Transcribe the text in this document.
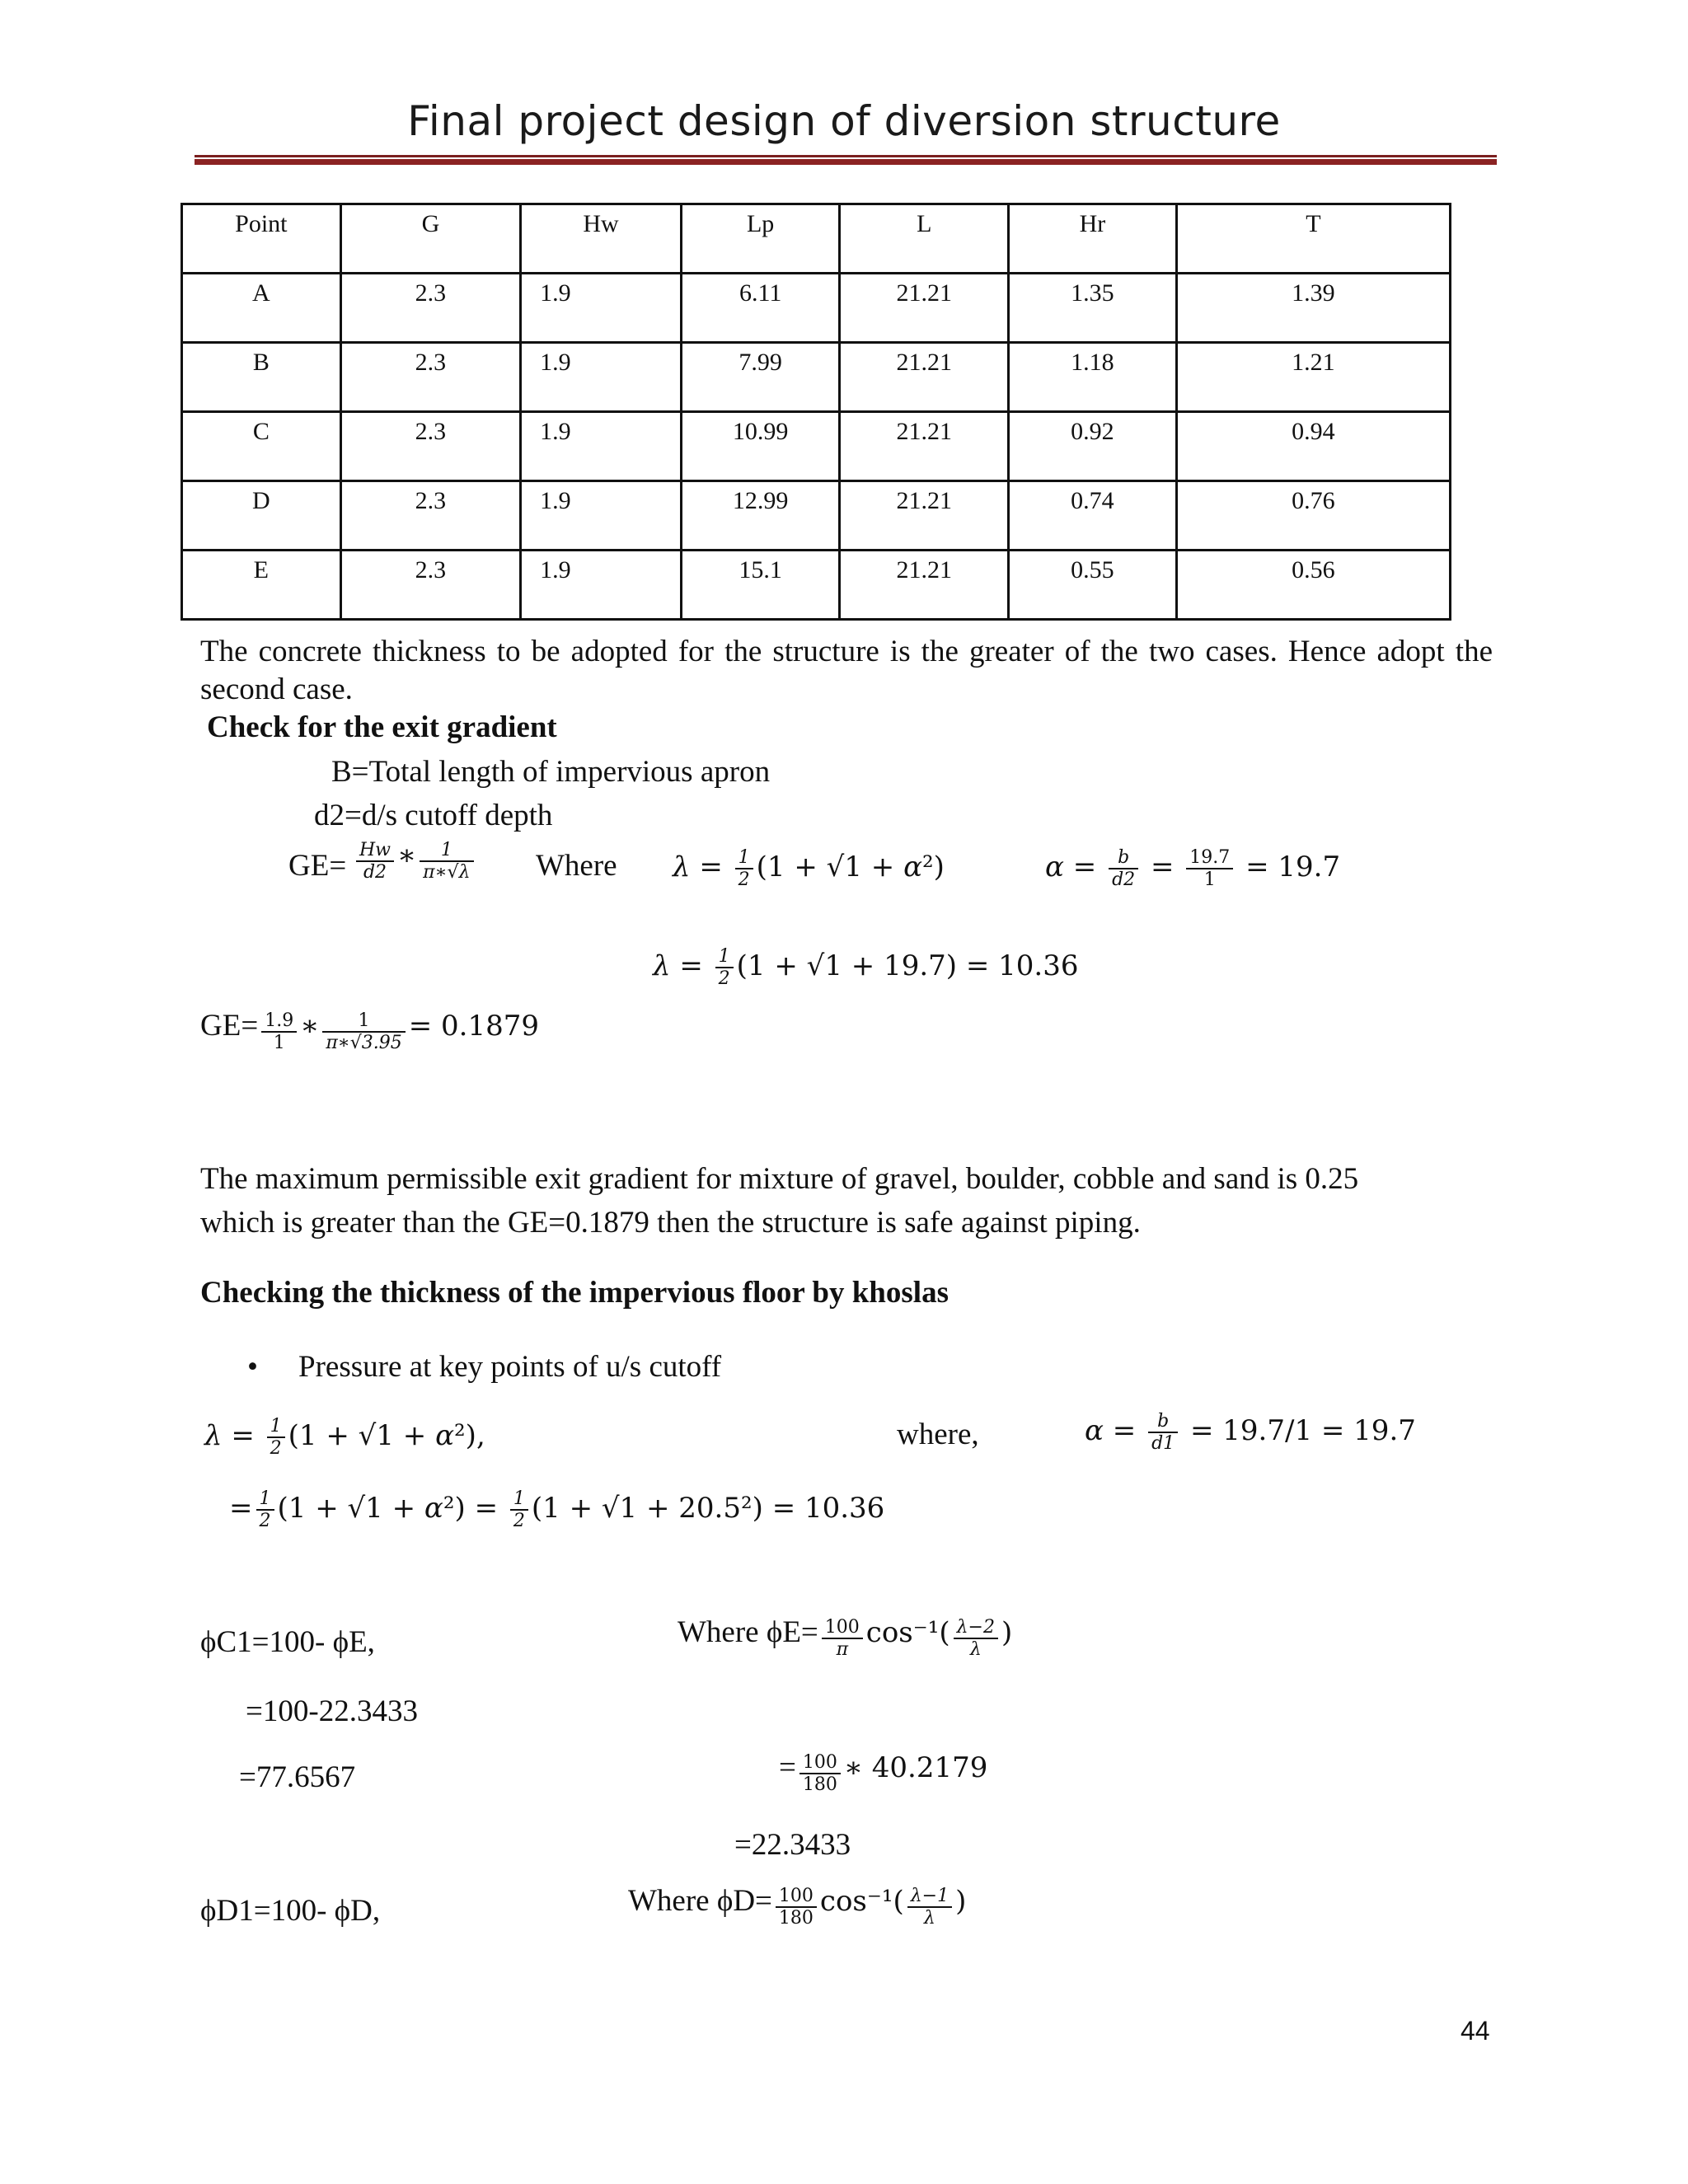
Final project design of diversion structure
Point	G	Hw	Lp	L	Hr	T
A	2.3	1.9	6.11	21.21	1.35	1.39
B	2.3	1.9	7.99	21.21	1.18	1.21
C	2.3	1.9	10.99	21.21	0.92	0.94
D	2.3	1.9	12.99	21.21	0.74	0.76
E	2.3	1.9	15.1	21.21	0.55	0.56
The concrete thickness to be adopted for the structure is the greater of the two cases. Hence adopt the second case.
Check for the exit gradient
B=Total length of impervious apron
d2=d/s cutoff depth
$GE= \frac{Hw}{d2}$ ∗ $\frac{1}{\pi∗√\lambda}$ Where $\lambda = \frac{1}{2} (1 + √1 + \alpha^2)$	$\alpha = \frac{b}{d2} = \frac{19.7}{1} = 19.7$
$\lambda = \frac{1}{2} (1 + √1 + 19.7) = 10.36$
$GE= \frac{1.9}{1}$ ∗ $\frac{1}{\pi∗√3.95} = 0.1879$
The maximum permissible exit gradient for mixture of gravel, boulder, cobble and sand is 0.25
which is greater than the GE=0.1879 then the structure is safe against piping.
Checking the thickness of the impervious floor by khoslas
• Pressure at key points of u/s cutoff
$\lambda = \frac{1}{2} (1 + √1 + \alpha^2)$,	where,	$\alpha = \frac{b}{d1} = 19.7/1 = 19.7$
= $\frac{1}{2} (1 + √1 + \alpha^2) = \frac{1}{2} (1 + √1 + 20.5^2) = 10.36$
ϕC1=100- ϕE,	Where $\phi E= \frac{100}{\pi} \cos^{-1}( \frac{\lambda-2}{\lambda}$ )
=100-22.3433
=77.6567	= $\frac{100}{180}$ ∗ 40.2179
=22.3433
ϕD1=100- ϕD,	Where $\phi D= \frac{100}{180} \cos^{-1}( \frac{\lambda-1}{\lambda}$ )
44
